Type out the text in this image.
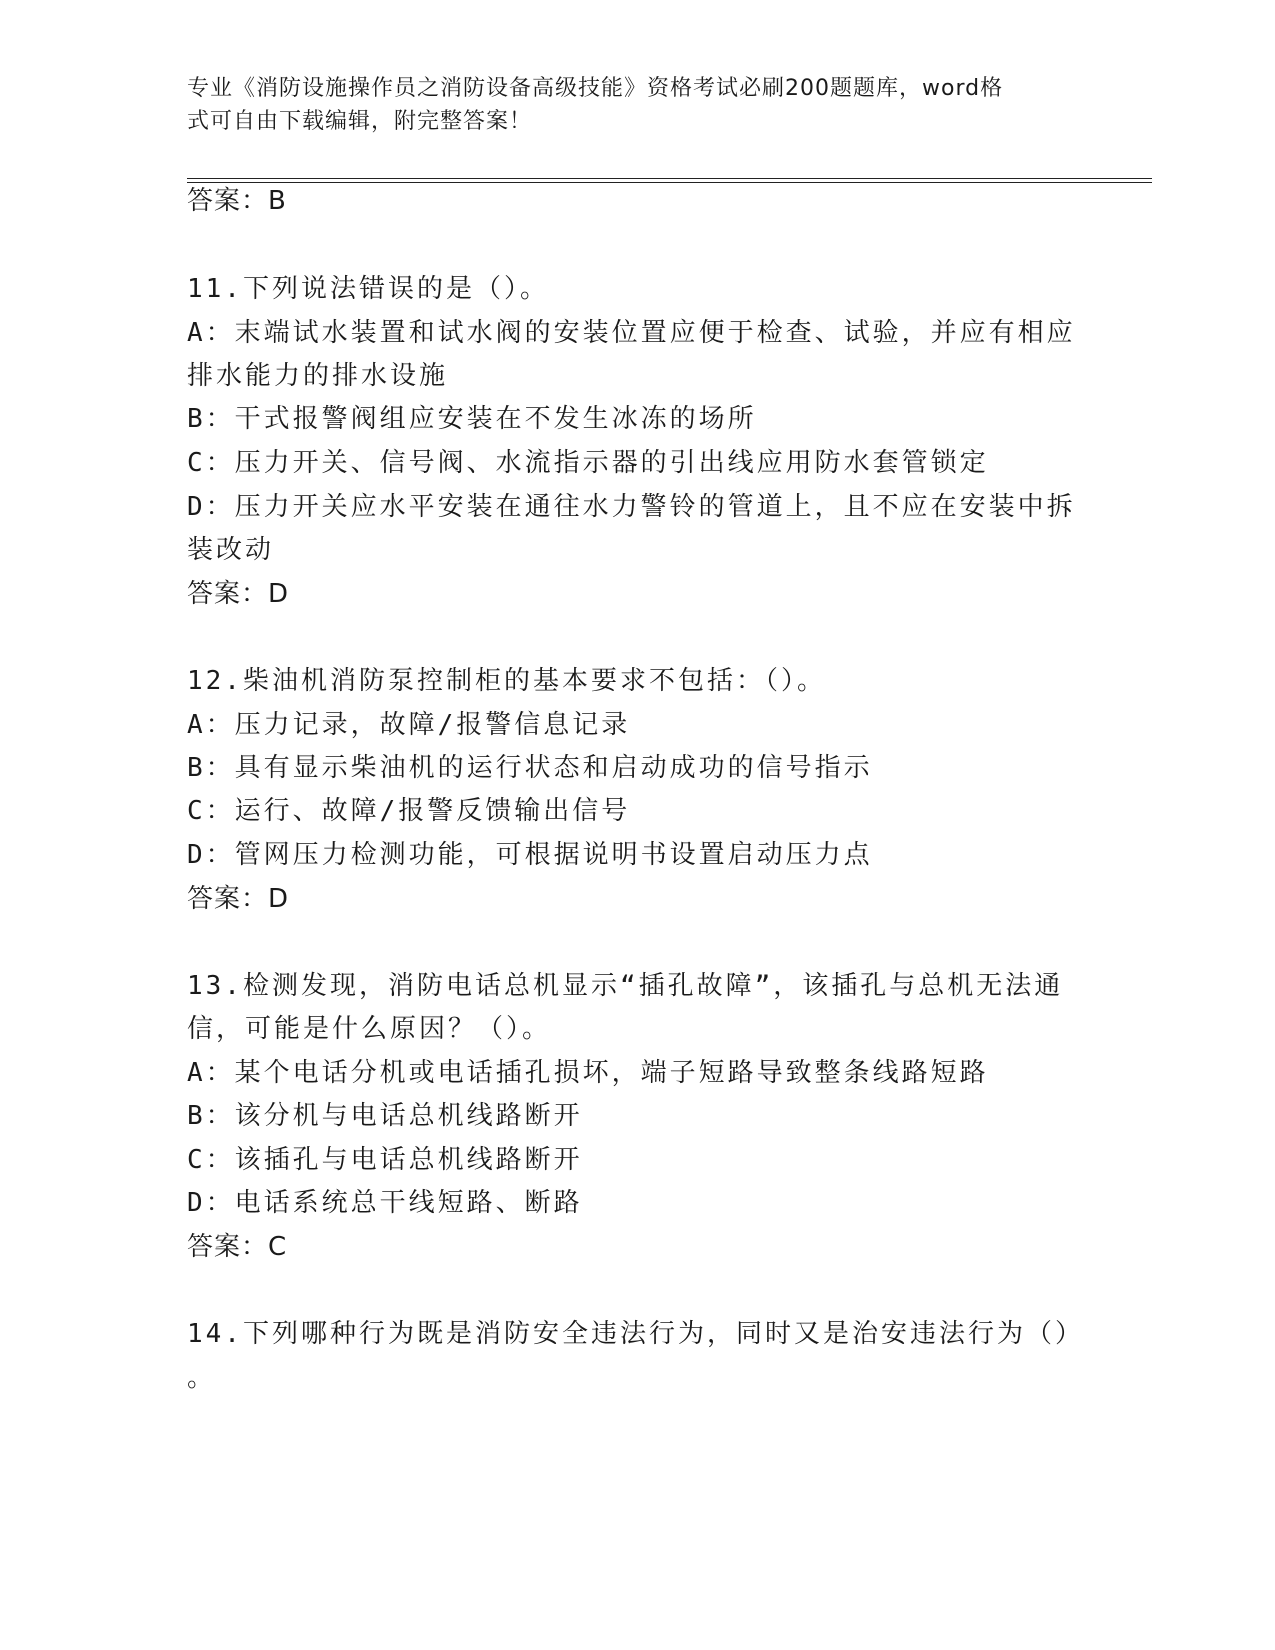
专业《消防设施操作员之消防设备高级技能》资格考试必刷200题题库，word格
式可自由下载编辑，附完整答案！
答案：B
11.下列说法错误的是（）。
A：末端试水装置和试水阀的安装位置应便于检查、试验，并应有相应
排水能力的排水设施
B：干式报警阀组应安装在不发生冰冻的场所
C：压力开关、信号阀、水流指示器的引出线应用防水套管锁定
D：压力开关应水平安装在通往水力警铃的管道上，且不应在安装中拆
装改动
答案：D
12.柴油机消防泵控制柜的基本要求不包括：（）。
A：压力记录，故障/报警信息记录
B：具有显示柴油机的运行状态和启动成功的信号指示
C：运行、故障/报警反馈输出信号
D：管网压力检测功能，可根据说明书设置启动压力点
答案：D
13.检测发现，消防电话总机显示“插孔故障”，该插孔与总机无法通
信，可能是什么原因？（）。
A：某个电话分机或电话插孔损坏，端子短路导致整条线路短路
B：该分机与电话总机线路断开
C：该插孔与电话总机线路断开
D：电话系统总干线短路、断路
答案：C
14.下列哪种行为既是消防安全违法行为，同时又是治安违法行为（）
。
